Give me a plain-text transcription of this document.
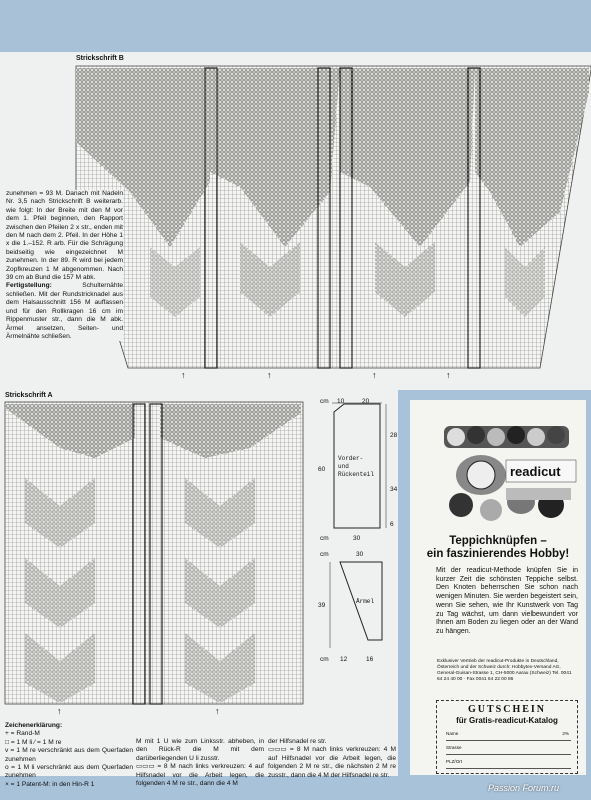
Strickschrift B
↑	↑	↑	↑
zunehmen = 93 M. Danach mit Nadeln Nr. 3,5 nach Strickschrift B weiterarb. wie folgt: In der Breite mit den M vor dem 1. Pfeil beginnen, den Rapport zwischen den Pfeilen 2 x str., enden mit den M nach dem 2. Pfeil. In der Höhe 1 x die 1.–152. R arb. Für die Schrägung beidseitig wie eingezeichnet M zunehmen. In der 89. R wird bei jedem Zopfkreuzen 1 M abgenommen. Nach 39 cm ab Bund die 157 M abk.
Fertigstellung:	Schulternähte schließen. Mit der Rundstricknadel aus dem Halsausschnitt 156 M auffassen und für den Rollkragen 16 cm im Rippenmuster str., dann die M abk. Ärmel ansetzen, Seiten- und Ärmelnähte schließen.
Strickschrift A
↑	↑
cm 10	20
28
60
34
6
Vorder-
und
Rückenteil
cm	30
cm	30
39
Ärmel
cm 12	16
Zeichenerklärung:
+ = Rand-M
□ = 1 M li ⁄ = 1 M re
v = 1 M re verschränkt aus dem Querfaden zunehmen
o = 1 M li verschränkt aus dem Querfaden zunehmen
× = 1 Patent-M: in den Hin-R 1
M mit 1 U wie zum Linksstr. abheben, in den Rück-R die M mit dem darüberliegenden U li zusstr.
▭▭▭ = 8 M nach links verkreuzen: 4 auf Hilfsnadel vor die Arbeit legen, die folgenden 4 M re str., dann die 4 M
der Hilfsnadel re str.
▭▭▭ = 8 M nach links verkreuzen: 4 M auf Hilfsnadel vor die Arbeit legen, die folgenden 2 M re str., die nächsten 2 M re zusstr., dann die 4 M der Hilfsnadel re str.
readicut
Teppichknüpfen –
ein faszinierendes Hobby!
Mit der readicut-Methode knüpfen Sie in kurzer Zeit die schönsten Teppiche selbst. Den Knoten beherrschen Sie schon nach wenigen Minuten. Sie werden begeistert sein, wenn Sie sehen, wie Ihr Kunstwerk von Tag zu Tag wächst, um dann vielbewundert vor Ihnen am Boden zu liegen oder an der Wand zu hängen.
Exklusiver Vertrieb der readicut-Produkte in Deutschland, Österreich und der Schweiz durch: Hobbytex-Versand AG, General-Guisan-Strasse 1, CH-5000 Aarau (Schweiz) Tel. 0041 64 24 40 00 · Fax 0041 64 22 00 86
GUTSCHEIN
für Gratis-readicut-Katalog
Name	2%
Strasse
PLZ/Ort
Passion Forum.ru
